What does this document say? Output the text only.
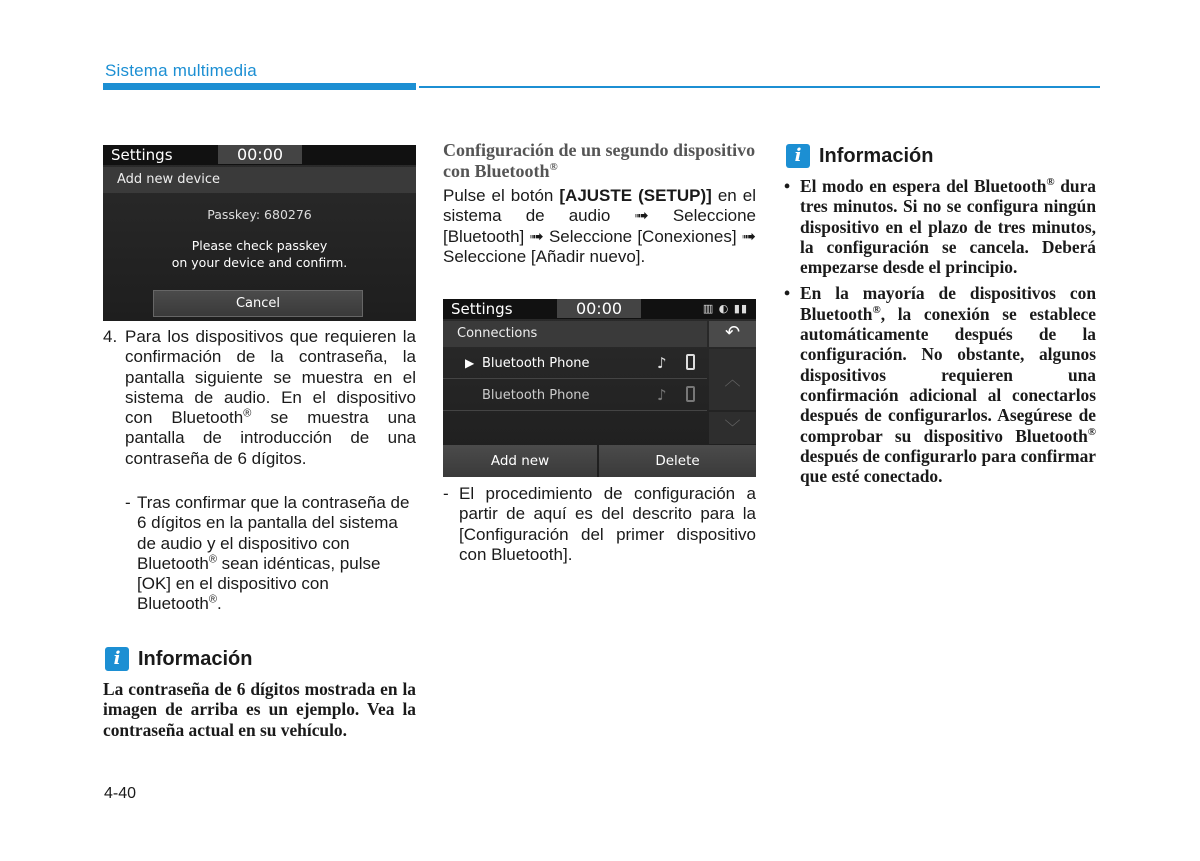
Sistema multimedia
Settings	00:00
Add new device
Passkey: 680276
Please check passkey
on your device and confirm.
Cancel
4. Para los dispositivos que requieren la confirmación de la contraseña, la pantalla siguiente se muestra en el sistema de audio. En el dispositivo con Bluetooth® se muestra una pantalla de introducción de una contraseña de 6 dígitos.
- Tras confirmar que la contraseña de 6 dígitos en la pantalla del sistema de audio y el dispositivo con Bluetooth® sean idénticas, pulse [OK] en el dispositivo con Bluetooth®.
i Información
La contraseña de 6 dígitos mostrada en la imagen de arriba es un ejemplo. Vea la contraseña actual en su vehículo.
Configuración de un segundo dispositivo con Bluetooth®
Pulse el botón [AJUSTE (SETUP)] en el sistema de audio ➟ Seleccione [Bluetooth] ➟ Seleccione [Conexiones] ➟ Seleccione [Añadir nuevo].
Settings	00:00	▥ ◐ ▮▮
Connections	↶
▶ Bluetooth Phone	♪
Bluetooth Phone	♪
︿
﹀
Add new	Delete
- El procedimiento de configuración a partir de aquí es del descrito para la [Configuración del primer dispositivo con Bluetooth].
i Información
• El modo en espera del Bluetooth® dura tres minutos. Si no se configura ningún dispositivo en el plazo de tres minutos, la configuración se cancela. Deberá empezarse desde el principio.
• En la mayoría de dispositivos con Bluetooth®, la conexión se establece automáticamente después de la configuración. No obstante, algunos dispositivos requieren una confirmación adicional al conectarlos después de configurarlos. Asegúrese de comprobar su dispositivo Bluetooth® después de configurarlo para confirmar que esté conectado.
4-40
